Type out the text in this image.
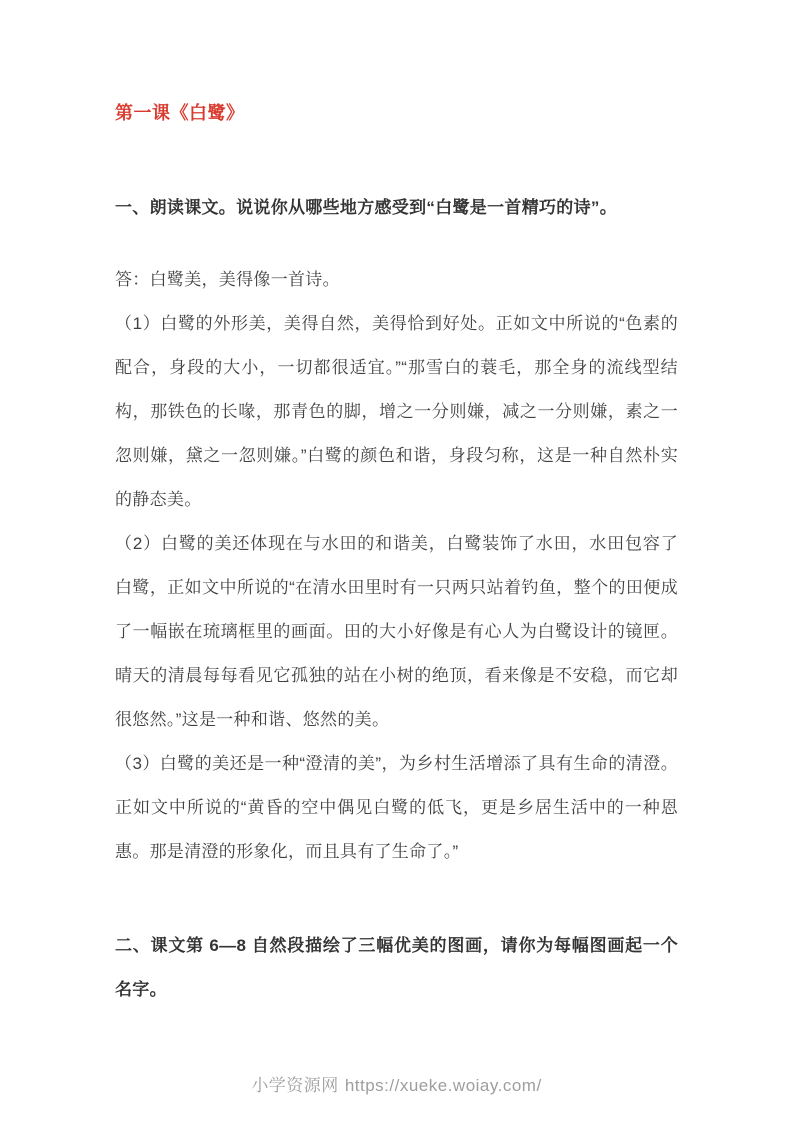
第一课《白鹭》

一、朗读课文。说说你从哪些地方感受到“白鹭是一首精巧的诗”。

答：白鹭美，美得像一首诗。

（1）白鹭的外形美，美得自然，美得恰到好处。正如文中所说的“色素的配合，身段的大小，一切都很适宜。”“那雪白的蓑毛，那全身的流线型结构，那铁色的长喙，那青色的脚，增之一分则嫌，减之一分则嫌，素之一忽则嫌，黛之一忽则嫌。”白鹭的颜色和谐，身段匀称，这是一种自然朴实的静态美。

（2）白鹭的美还体现在与水田的和谐美，白鹭装饰了水田，水田包容了白鹭，正如文中所说的“在清水田里时有一只两只站着钓鱼，整个的田便成了一幅嵌在琉璃框里的画面。田的大小好像是有心人为白鹭设计的镜匣。晴天的清晨每每看见它孤独的站在小树的绝顶，看来像是不安稳，而它却很悠然。”这是一种和谐、悠然的美。

（3）白鹭的美还是一种“澄清的美”，为乡村生活增添了具有生命的清澄。正如文中所说的“黄昏的空中偶见白鹭的低飞，更是乡居生活中的一种恩惠。那是清澄的形象化，而且具有了生命了。”

二、课文第 6—8 自然段描绘了三幅优美的图画，请你为每幅图画起一个名字。

小学资源网 https://xueke.woiay.com/
